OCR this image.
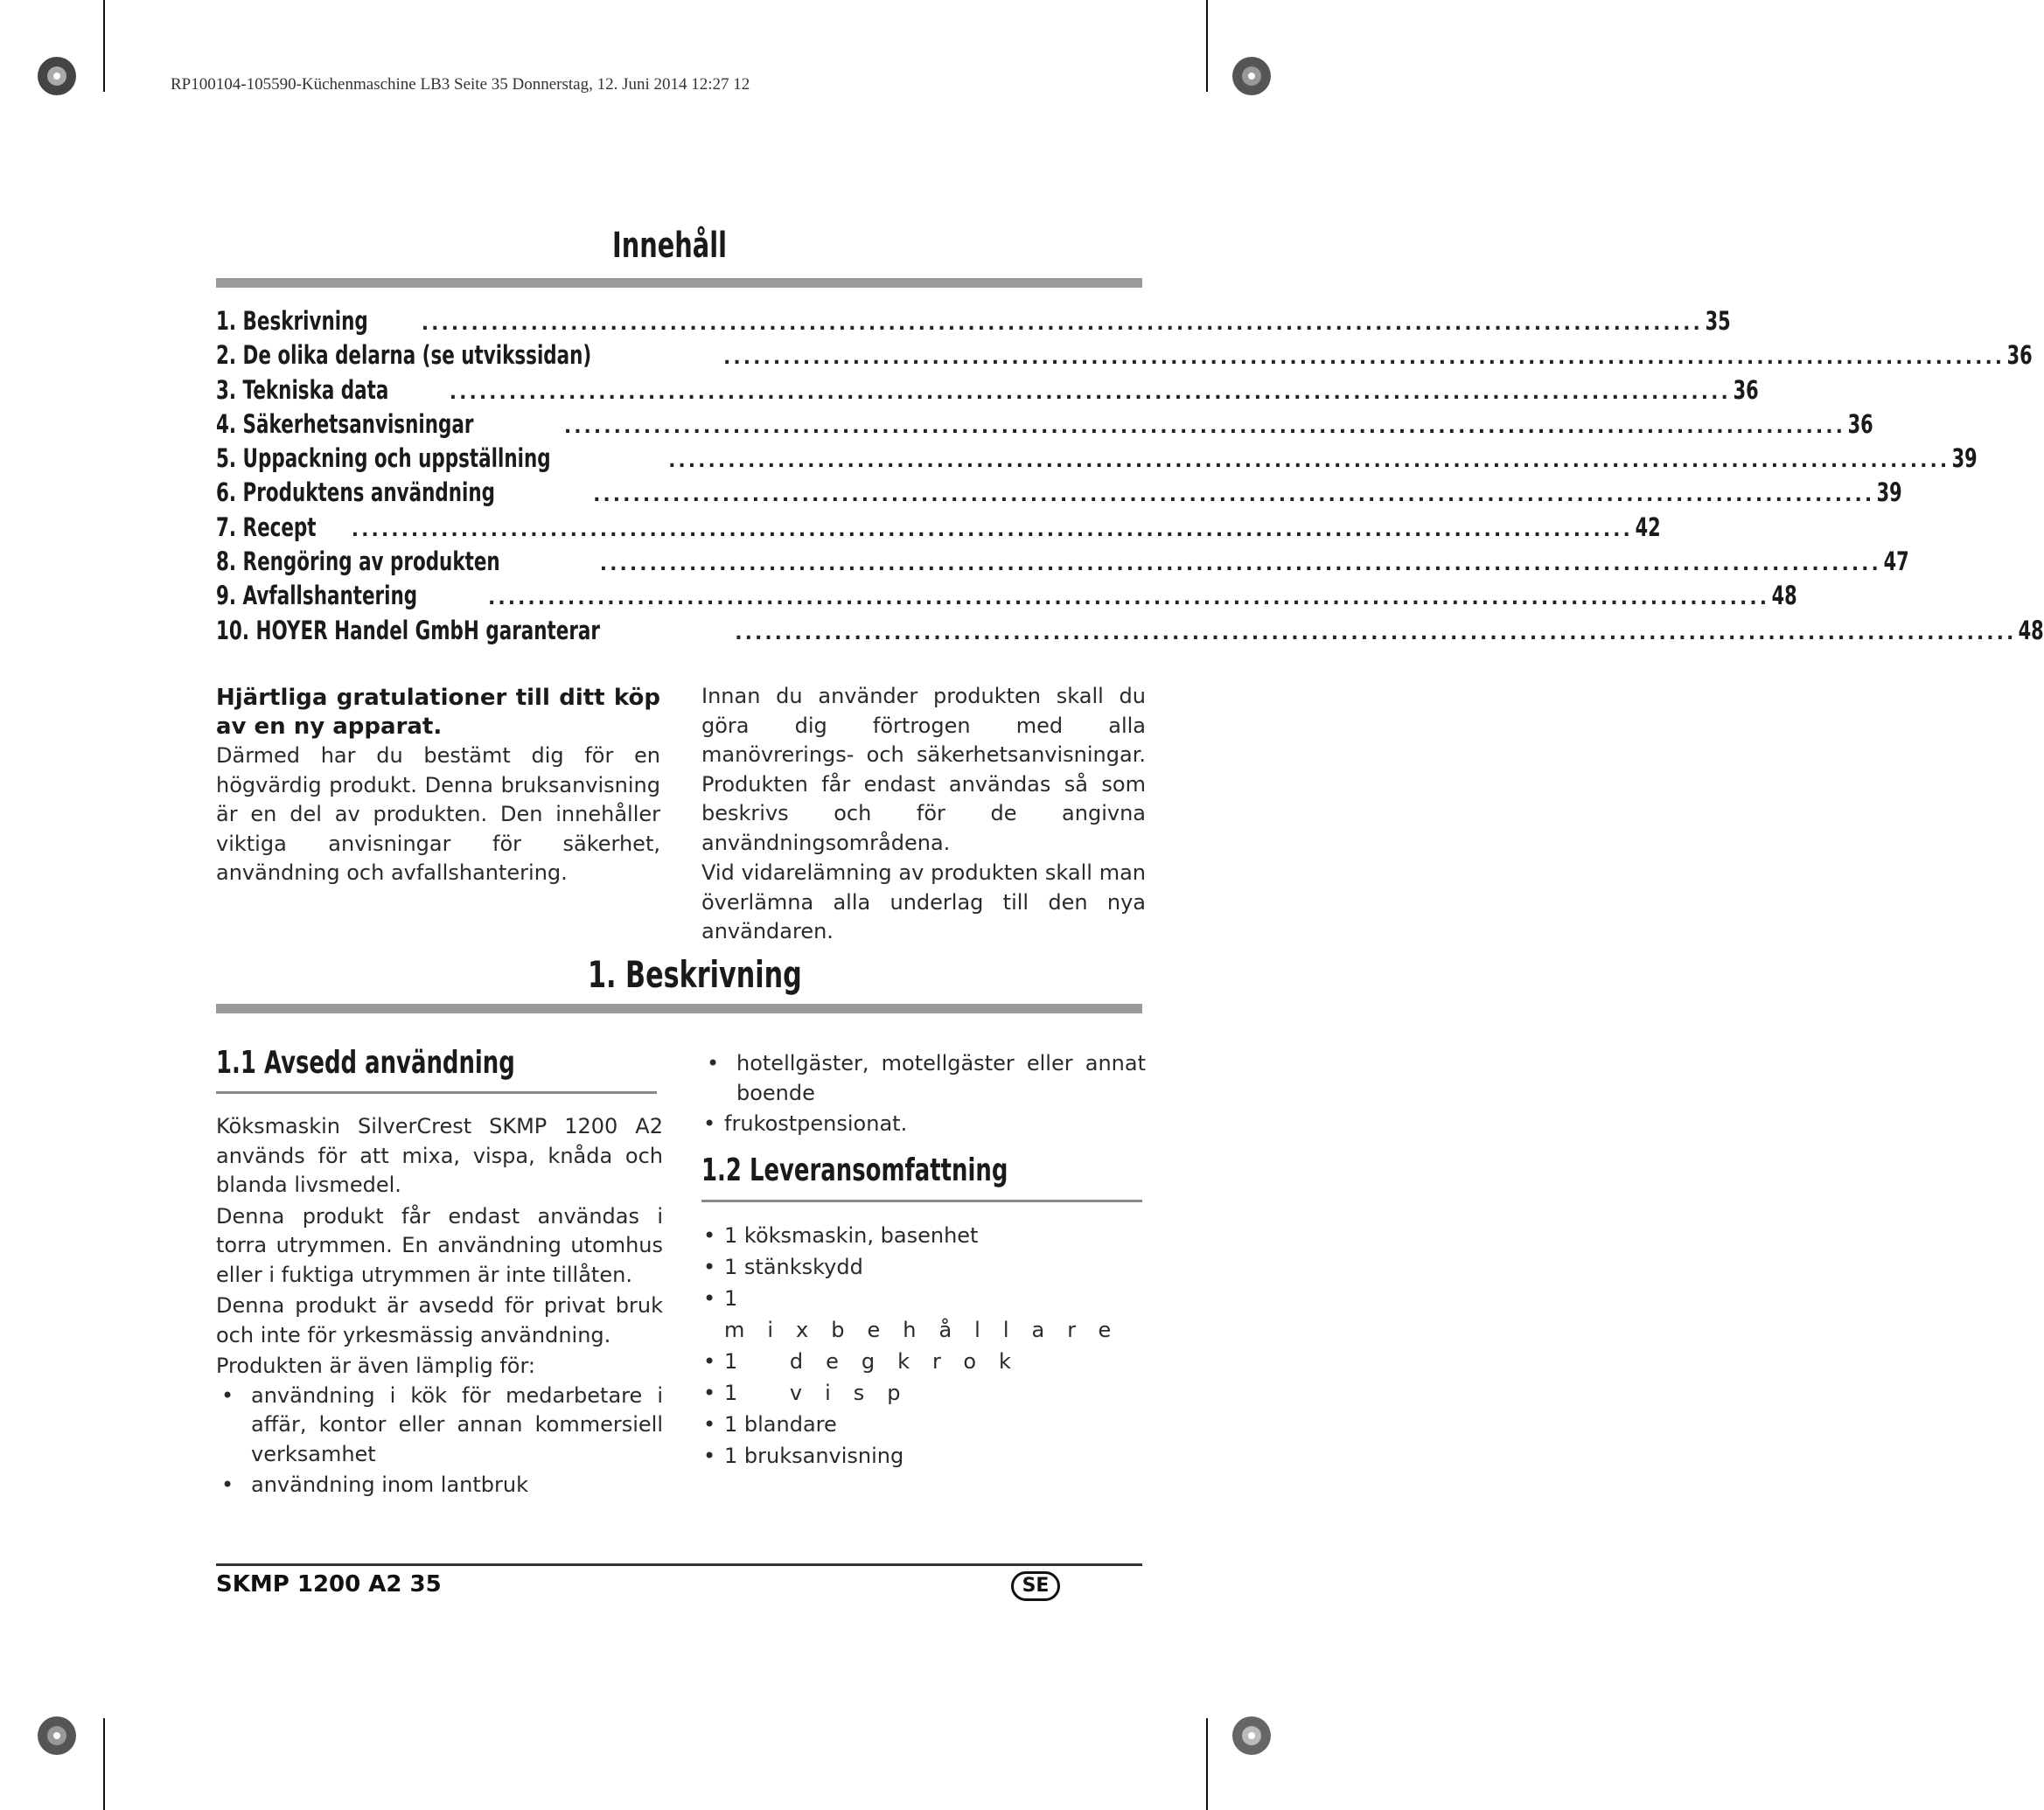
RP100104-105590-Küchenmaschine LB3 Seite 35 Donnerstag, 12. Juni 2014 12:27 12
Innehåll
1. Beskrivning	................................................................................................................................. 35
2. De olika delarna (se utvikssidan)	................................................................................................................................. 36
3. Tekniska data	................................................................................................................................. 36
4. Säkerhetsanvisningar	................................................................................................................................. 36
5. Uppackning och uppställning	................................................................................................................................. 39
6. Produktens användning	................................................................................................................................. 39
7. Recept ................................................................................................................................. 42
8. Rengöring av produkten	................................................................................................................................. 47
9. Avfallshantering	................................................................................................................................. 48
10. HOYER Handel GmbH garanterar	................................................................................................................................. 48

Hjärtliga gratulationer till ditt köp av en ny apparat.

Därmed har du bestämt dig för en högvärdig produkt. Denna bruksanvisning är en del av produkten. Den innehåller viktiga anvisningar för säkerhet, användning och avfallshantering.

Innan du använder produkten skall du göra dig förtrogen med alla manövrerings- och säkerhetsanvisningar. Produkten får endast användas så som beskrivs och för de angivna användningsområdena.

Vid vidarelämning av produkten skall man överlämna alla underlag till den nya användaren.

1. Beskrivning
1.1 Avsedd användning

Köksmaskin SilverCrest SKMP 1200 A2 används för att mixa, vispa, knåda och blanda livsmedel.

Denna produkt får endast användas i torra utrymmen. En användning utomhus eller i fuktiga utrymmen är inte tillåten.

Denna produkt är avsedd för privat bruk och inte för yrkesmässig användning.

Produkten är även lämplig för:

• användning i kök för medarbetare i affär, kontor eller annan kommersiell verksamhet
• användning inom lantbruk
• hotellgäster, motellgäster eller annat boende
• frukostpensionat.
1.2 Leveransomfattning
• 1 köksmaskin, basenhet
• 1 stänkskydd
• 1 mixbehållare
• 1 degkrok
• 1 visp
• 1 blandare
• 1 bruksanvisning
SKMP 1200 A2 35	SE
